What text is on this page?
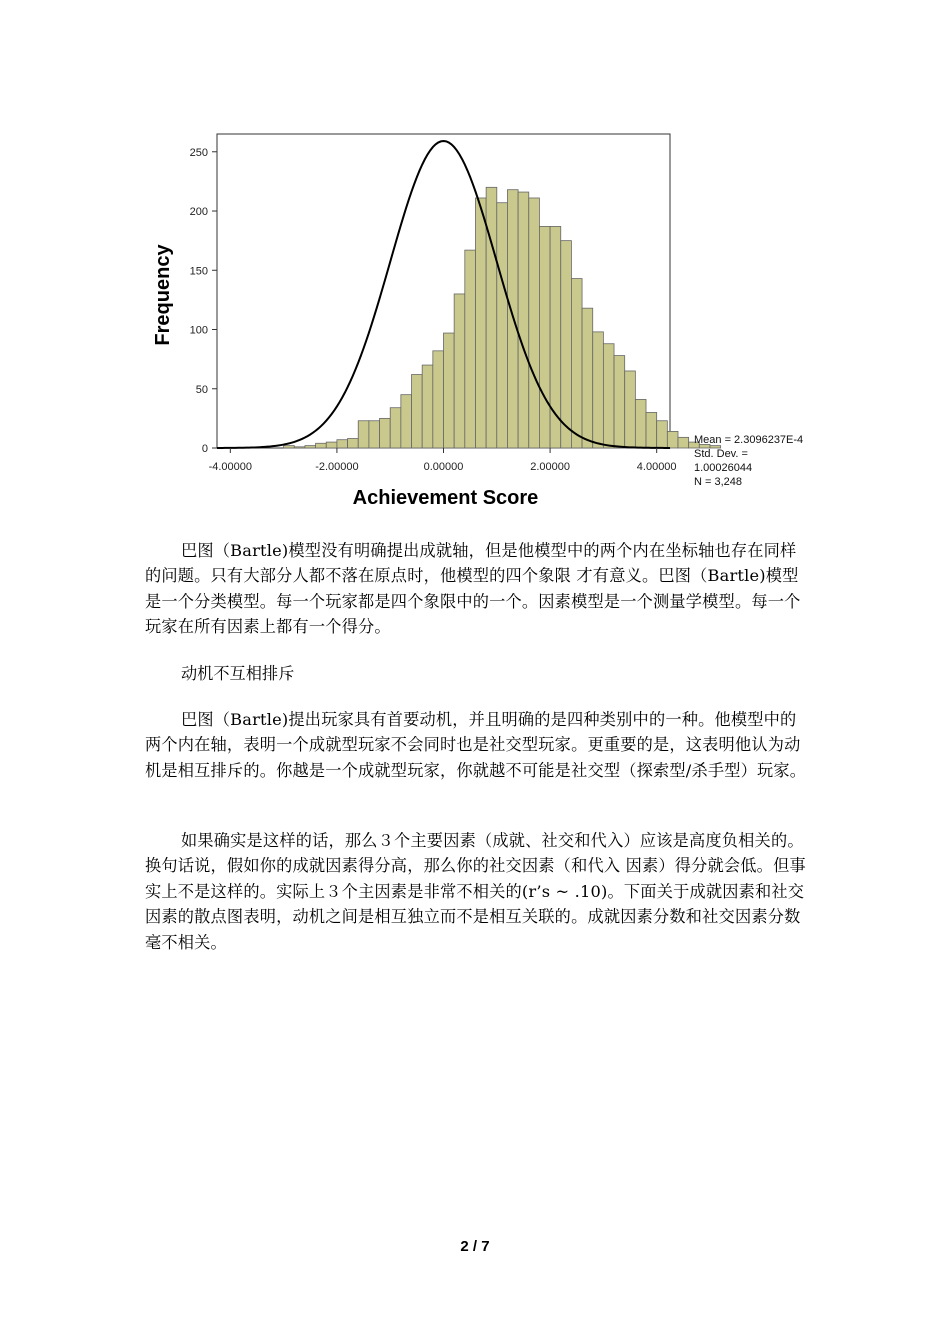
0
50
100
150
200
250
-4.00000	-2.00000	0.00000	2.00000	4.00000
Achievement Score
Frequency
Mean = 2.3096237E-4
Std. Dev. =
1.00026044
N = 3,248

巴图（Bartle)模型没有明确提出成就轴，但是他模型中的两个内在坐标轴也存在同样的问题。只有大部分人都不落在原点时，他模型的四个象限 才有意义。巴图（Bartle)模型是一个分类模型。每一个玩家都是四个象限中的一个。因素模型是一个测量学模型。每一个玩家在所有因素上都有一个得分。

动机不互相排斥

巴图（Bartle)提出玩家具有首要动机，并且明确的是四种类别中的一种。他模型中的两个内在轴，表明一个成就型玩家不会同时也是社交型玩家。更重要的是，这表明他认为动机是相互排斥的。你越是一个成就型玩家，你就越不可能是社交型（探索型/杀手型）玩家。

如果确实是这样的话，那么３个主要因素（成就、社交和代入）应该是高度负相关的。换句话说，假如你的成就因素得分高，那么你的社交因素（和代入 因素）得分就会低。但事实上不是这样的。实际上３个主因素是非常不相关的(r’s ~ .10)。下面关于成就因素和社交因素的散点图表明，动机之间是相互独立而不是相互关联的。成就因素分数和社交因素分数毫不相关。

2 / 7
